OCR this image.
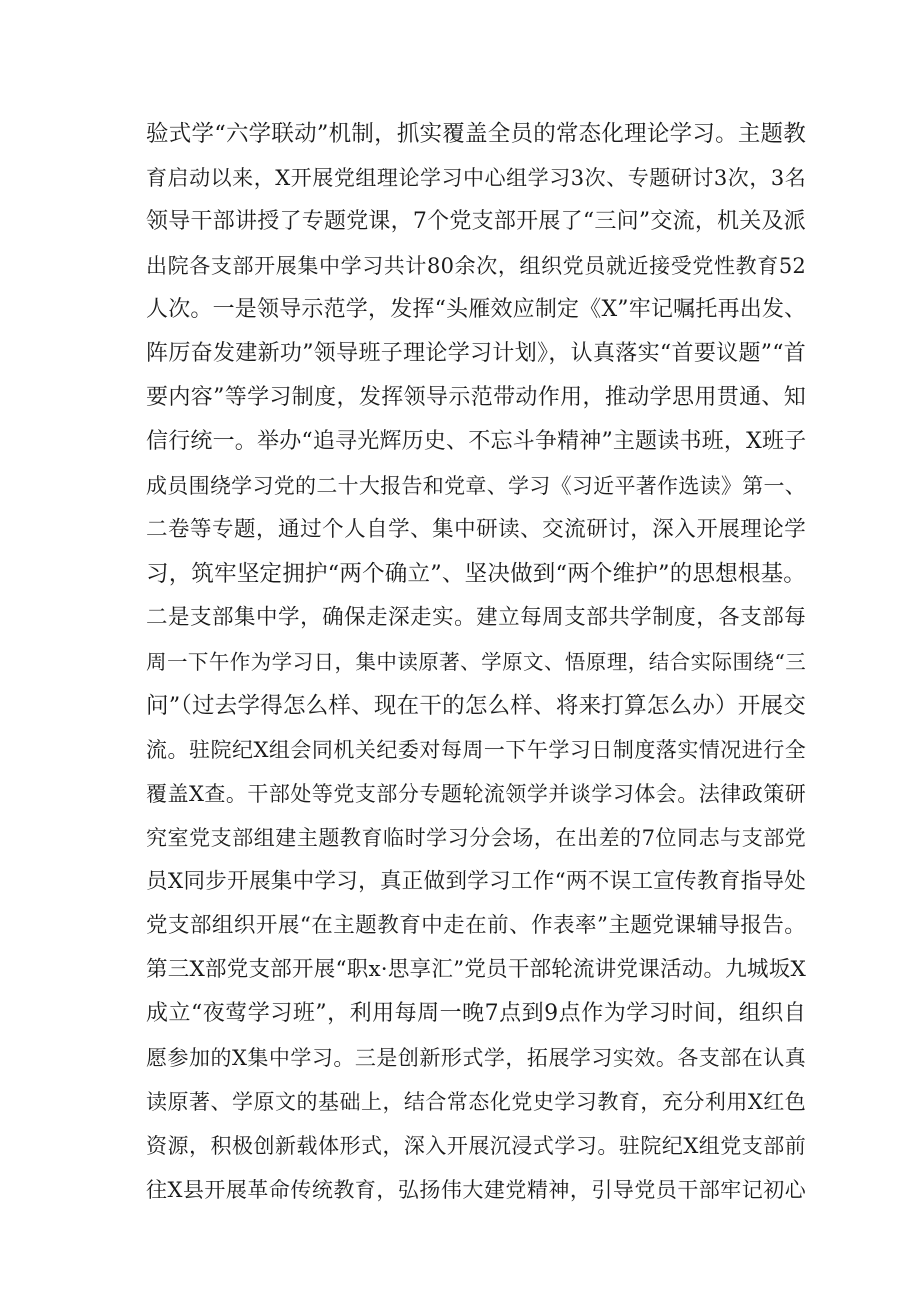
验式学“六学联动”机制，抓实覆盖全员的常态化理论学习。主题教
育启动以来，X开展党组理论学习中心组学习3次、专题研讨3次，3名
领导干部讲授了专题党课，7个党支部开展了“三问”交流，机关及派
出院各支部开展集中学习共计80余次，组织党员就近接受党性教育52
人次。一是领导示范学，发挥“头雁效应制定《X”牢记嘱托再出发、
阵厉奋发建新功”领导班子理论学习计划》，认真落实“首要议题”“首
要内容”等学习制度，发挥领导示范带动作用，推动学思用贯通、知
信行统一。举办“追寻光辉历史、不忘斗争精神”主题读书班，X班子
成员围绕学习党的二十大报告和党章、学习《习近平著作选读》第一、
二卷等专题，通过个人自学、集中研读、交流研讨，深入开展理论学
习，筑牢坚定拥护“两个确立”、坚决做到“两个维护”的思想根基。
二是支部集中学，确保走深走实。建立每周支部共学制度，各支部每
周一下午作为学习日，集中读原著、学原文、悟原理，结合实际围绕“三
问”（过去学得怎么样、现在干的怎么样、将来打算怎么办）开展交
流。驻院纪X组会同机关纪委对每周一下午学习日制度落实情况进行全
覆盖X查。干部处等党支部分专题轮流领学并谈学习体会。法律政策研
究室党支部组建主题教育临时学习分会场，在出差的7位同志与支部党
员X同步开展集中学习，真正做到学习工作“两不误工宣传教育指导处
党支部组织开展“在主题教育中走在前、作表率”主题党课辅导报告。
第三X部党支部开展“职x·思享汇”党员干部轮流讲党课活动。九城坂X
成立“夜莺学习班”，利用每周一晚7点到9点作为学习时间，组织自
愿参加的X集中学习。三是创新形式学，拓展学习实效。各支部在认真
读原著、学原文的基础上，结合常态化党史学习教育，充分利用X红色
资源，积极创新载体形式，深入开展沉浸式学习。驻院纪X组党支部前
往X县开展革命传统教育，弘扬伟大建党精神，引导党员干部牢记初心
